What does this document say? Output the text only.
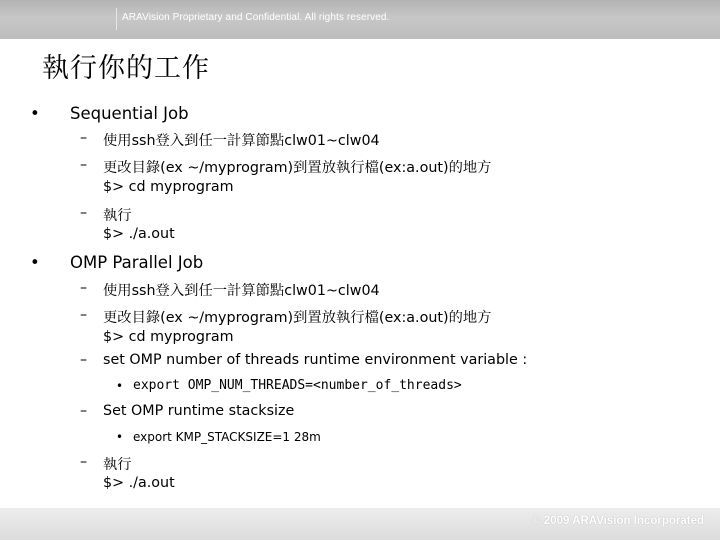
ARAVision Proprietary and Confidential. All rights reserved.
執行你的工作
• Sequential Job
– 使用ssh登入到任一計算節點clw01~clw04
– 更改目錄(ex ~/myprogram)到置放執行檔(ex:a.out)的地方
$> cd myprogram
– 執行
$> ./a.out
• OMP Parallel Job
– 使用ssh登入到任一計算節點clw01~clw04
– 更改目錄(ex ~/myprogram)到置放執行檔(ex:a.out)的地方
$> cd myprogram
– set OMP number of threads runtime environment variable :
• export OMP_NUM_THREADS=<number_of_threads>
– Set OMP runtime stacksize
• export KMP_STACKSIZE=1 28m
– 執行
$> ./a.out
© 2009 ARAVision Incorporated
